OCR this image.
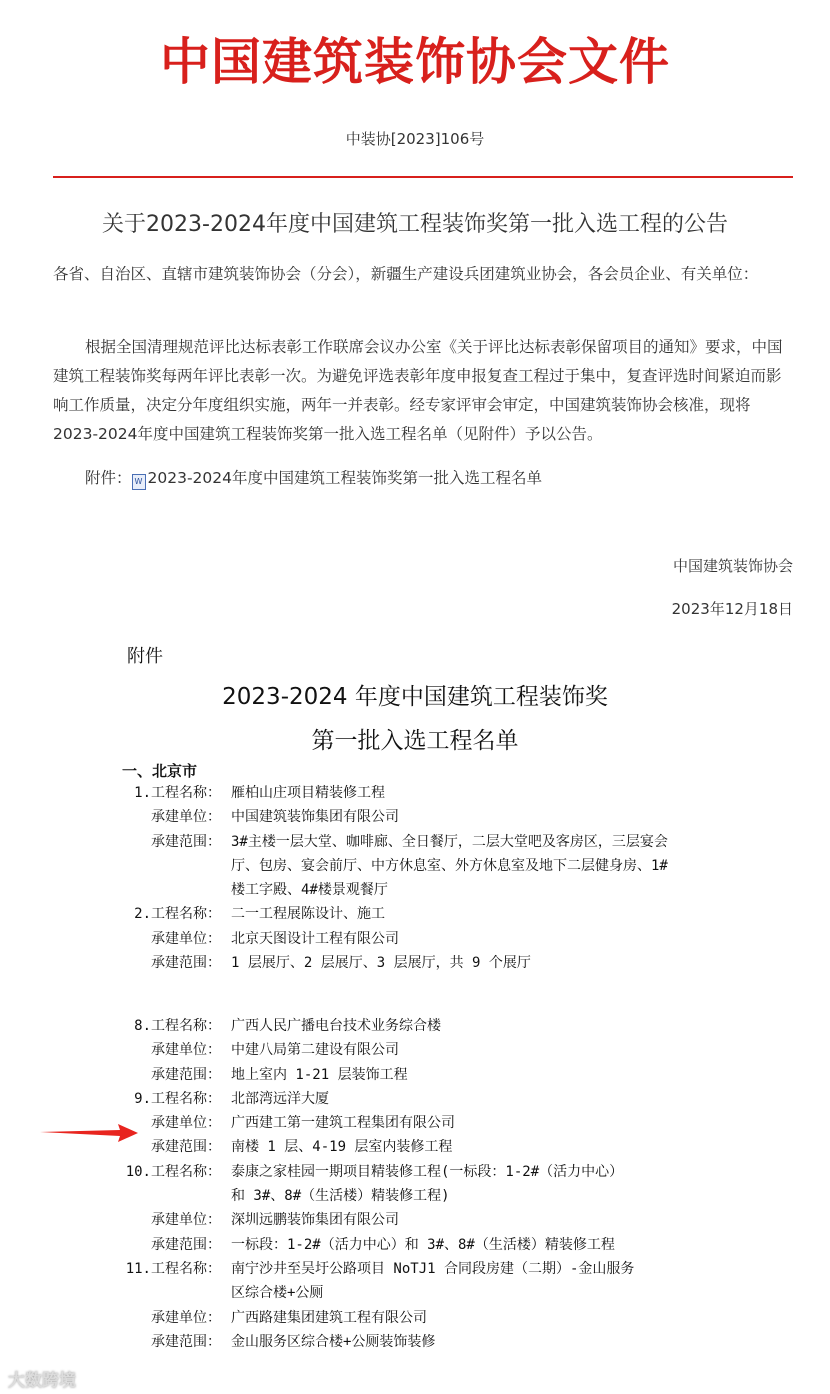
中国建筑装饰协会文件
中装协[2023]106号
关于2023-2024年度中国建筑工程装饰奖第一批入选工程的公告
各省、自治区、直辖市建筑装饰协会（分会），新疆生产建设兵团建筑业协会，各会员企业、有关单位：
根据全国清理规范评比达标表彰工作联席会议办公室《关于评比达标表彰保留项目的通知》要求，中国建筑工程装饰奖每两年评比表彰一次。为避免评选表彰年度申报复查工程过于集中，复查评选时间紧迫而影响工作质量，决定分年度组织实施，两年一并表彰。经专家评审会审定，中国建筑装饰协会核准，现将2023-2024年度中国建筑工程装饰奖第一批入选工程名单（见附件）予以公告。
附件： W 2023-2024年度中国建筑工程装饰奖第一批入选工程名单
中国建筑装饰协会
2023年12月18日
附件
2023-2024 年度中国建筑工程装饰奖
第一批入选工程名单
一、北京市
1. 工程名称： 雁柏山庄项目精装修工程
承建单位： 中国建筑装饰集团有限公司
承建范围： 3#主楼一层大堂、咖啡廊、全日餐厅，二层大堂吧及客房区，三层宴会
厅、包房、宴会前厅、中方休息室、外方休息室及地下二层健身房、1#
楼工字殿、4#楼景观餐厅
2. 工程名称： 二一工程展陈设计、施工
承建单位： 北京天图设计工程有限公司
承建范围： 1 层展厅、2 层展厅、3 层展厅，共 9 个展厅
8. 工程名称： 广西人民广播电台技术业务综合楼
承建单位： 中建八局第二建设有限公司
承建范围： 地上室内 1-21 层装饰工程
9. 工程名称： 北部湾远洋大厦
承建单位： 广西建工第一建筑工程集团有限公司
承建范围： 南楼 1 层、4-19 层室内装修工程
10. 工程名称： 泰康之家桂园一期项目精装修工程(一标段：1-2#（活力中心）
和 3#、8#（生活楼）精装修工程)
承建单位： 深圳远鹏装饰集团有限公司
承建范围： 一标段：1-2#（活力中心）和 3#、8#（生活楼）精装修工程
11. 工程名称： 南宁沙井至吴圩公路项目 NoTJ1 合同段房建（二期）-金山服务
区综合楼+公厕
承建单位： 广西路建集团建筑工程有限公司
承建范围： 金山服务区综合楼+公厕装饰装修
大数跨境
